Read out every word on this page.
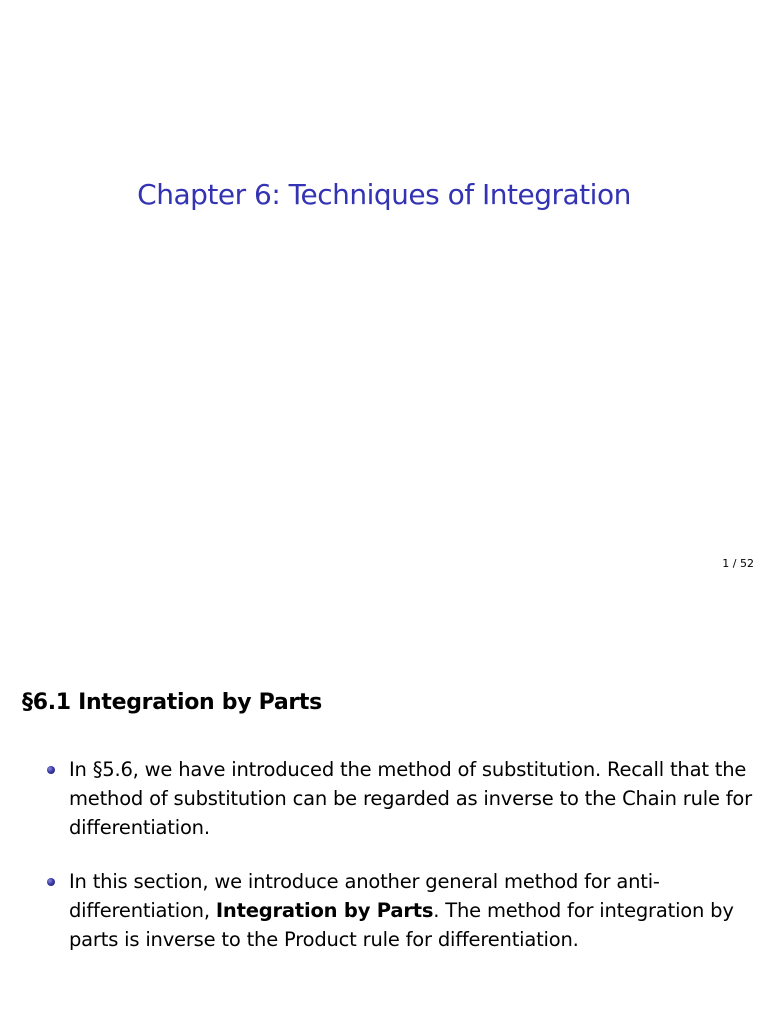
Chapter 6: Techniques of Integration
1 / 52
§6.1 Integration by Parts
In §5.6, we have introduced the method of substitution. Recall that the method of substitution can be regarded as inverse to the Chain rule for differentiation.
In this section, we introduce another general method for anti-differentiation, Integration by Parts. The method for integration by parts is inverse to the Product rule for differentiation.
